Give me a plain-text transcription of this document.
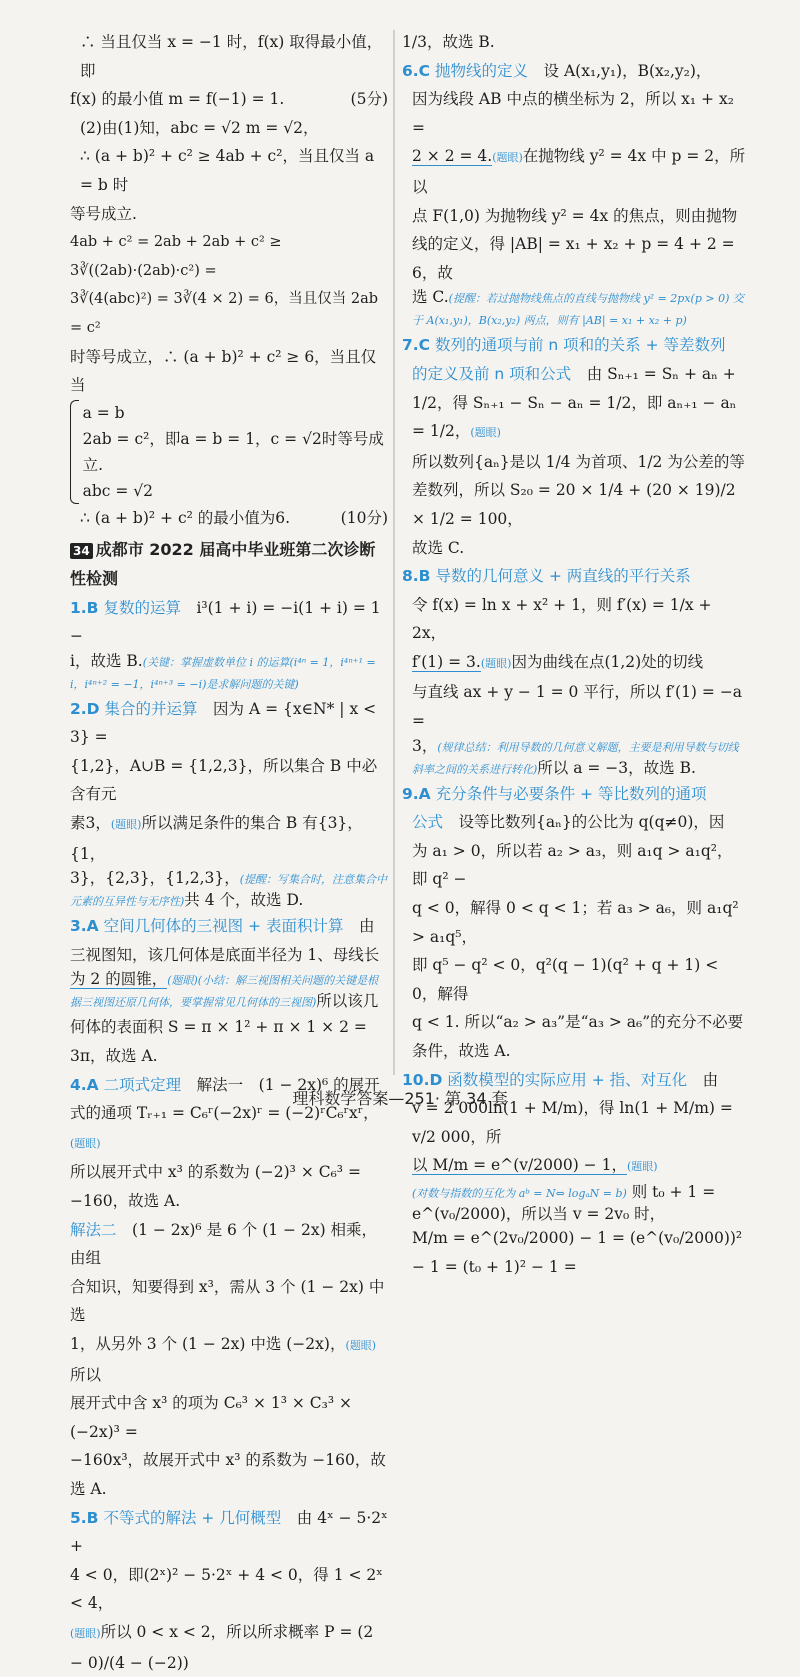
∴ 当且仅当 x = −1 时，f(x) 取得最小值，即

f(x) 的最小值 m = f(−1) = 1.	(5分)

(2)由(1)知，abc = √2 m = √2，

∴ (a + b)² + c² ≥ 4ab + c²，当且仅当 a = b 时

等号成立.

4ab + c² = 2ab + 2ab + c² ≥ 3∛((2ab)·(2ab)·c²) =

3∛(4(abc)²) = 3∛(4 × 2) = 6，当且仅当 2ab = c²

时等号成立，∴ (a + b)² + c² ≥ 6，当且仅当

a = b
2ab = c²，即a = b = 1，c = √2时等号成立.
abc = √2

∴ (a + b)² + c² 的最小值为6.	(10分)

34 成都市 2022 届高中毕业班第二次诊断性检测

1.B 复数的运算　 i³(1 + i) = −i(1 + i) = 1 −

i，故选 B.(关键：掌握虚数单位 i 的运算(i⁴ⁿ = 1，i⁴ⁿ⁺¹ = i，i⁴ⁿ⁺² = −1，i⁴ⁿ⁺³ = −i)是求解问题的关键)

2.D 集合的并运算　 因为 A = {x∈N* | x < 3} =

{1,2}，A∪B = {1,2,3}，所以集合 B 中必含有元

素3，(题眼)所以满足条件的集合 B 有{3}，{1，

3}，{2,3}，{1,2,3}，(提醒：写集合时，注意集合中元素的互异性与无序性)共 4 个，故选 D.

3.A 空间几何体的三视图 + 表面积计算　 由

三视图知，该几何体是底面半径为 1、母线长

为 2 的圆锥，(题眼)(小结：解三视图相关问题的关键是根据三视图还原几何体，要掌握常见几何体的三视图)所以该几

何体的表面积 S = π × 1² + π × 1 × 2 = 3π，故选 A.

4.A 二项式定理　 解法一　(1 − 2x)⁶ 的展开

式的通项 Tᵣ₊₁ = C₆ʳ(−2x)ʳ = (−2)ʳC₆ʳxʳ，(题眼)

所以展开式中 x³ 的系数为 (−2)³ × C₆³ =

−160，故选 A.

解法二　 (1 − 2x)⁶ 是 6 个 (1 − 2x) 相乘，由组

合知识，知要得到 x³，需从 3 个 (1 − 2x) 中选

1，从另外 3 个 (1 − 2x) 中选 (−2x)，(题眼)所以

展开式中含 x³ 的项为 C₆³ × 1³ × C₃³ × (−2x)³ =

−160x³，故展开式中 x³ 的系数为 −160，故选 A.

5.B 不等式的解法 + 几何概型　 由 4ˣ − 5·2ˣ +

4 < 0，即(2ˣ)² − 5·2ˣ + 4 < 0，得 1 < 2ˣ < 4，

(题眼)所以 0 < x < 2，所以所求概率 P = (2 − 0)/(4 − (−2))

1/3，故选 B.

6.C 抛物线的定义　 设 A(x₁,y₁)，B(x₂,y₂)，

因为线段 AB 中点的横坐标为 2，所以 x₁ + x₂ =

2 × 2 = 4.(题眼)在抛物线 y² = 4x 中 p = 2，所以

点 F(1,0) 为抛物线 y² = 4x 的焦点，则由抛物

线的定义，得 |AB| = x₁ + x₂ + p = 4 + 2 = 6，故

选 C.(提醒：若过抛物线焦点的直线与抛物线 y² = 2px(p > 0) 交于 A(x₁,y₁)，B(x₂,y₂) 两点，则有 |AB| = x₁ + x₂ + p)

7.C 数列的通项与前 n 项和的关系 + 等差数列

的定义及前 n 项和公式　 由 Sₙ₊₁ = Sₙ + aₙ +

1/2，得 Sₙ₊₁ − Sₙ − aₙ = 1/2，即 aₙ₊₁ − aₙ = 1/2，(题眼)

所以数列{aₙ}是以 1/4 为首项、1/2 为公差的等

差数列，所以 S₂₀ = 20 × 1/4 + (20 × 19)/2 × 1/2 = 100，

故选 C.

8.B 导数的几何意义 + 两直线的平行关系

令 f(x) = ln x + x² + 1，则 f′(x) = 1/x + 2x，

f′(1) = 3.(题眼)因为曲线在点(1,2)处的切线

与直线 ax + y − 1 = 0 平行，所以 f′(1) = −a =

3，(规律总结：利用导数的几何意义解题，主要是利用导数与切线斜率之间的关系进行转化)所以 a = −3，故选 B.

9.A 充分条件与必要条件 + 等比数列的通项

公式　 设等比数列{aₙ}的公比为 q(q≠0)，因

为 a₁ > 0，所以若 a₂ > a₃，则 a₁q > a₁q²，即 q² −

q < 0，解得 0 < q < 1；若 a₃ > a₆，则 a₁q² > a₁q⁵，

即 q⁵ − q² < 0，q²(q − 1)(q² + q + 1) < 0，解得

q < 1. 所以“a₂ > a₃”是“a₃ > a₆”的充分不必要

条件，故选 A.

10.D 函数模型的实际应用 + 指、对互化　 由

v = 2 000ln(1 + M/m)，得 ln(1 + M/m) = v/2 000，所

以 M/m = e^(v/2000) − 1，(题眼)

(对数与指数的互化为 aᵇ = N⇔ logₐN = b) 则 t₀ + 1 = e^(v₀/2000)，所以当 v = 2v₀ 时，

M/m = e^(2v₀/2000) − 1 = (e^(v₀/2000))² − 1 = (t₀ + 1)² − 1 =

理科数学答案—251· 第 34 套
